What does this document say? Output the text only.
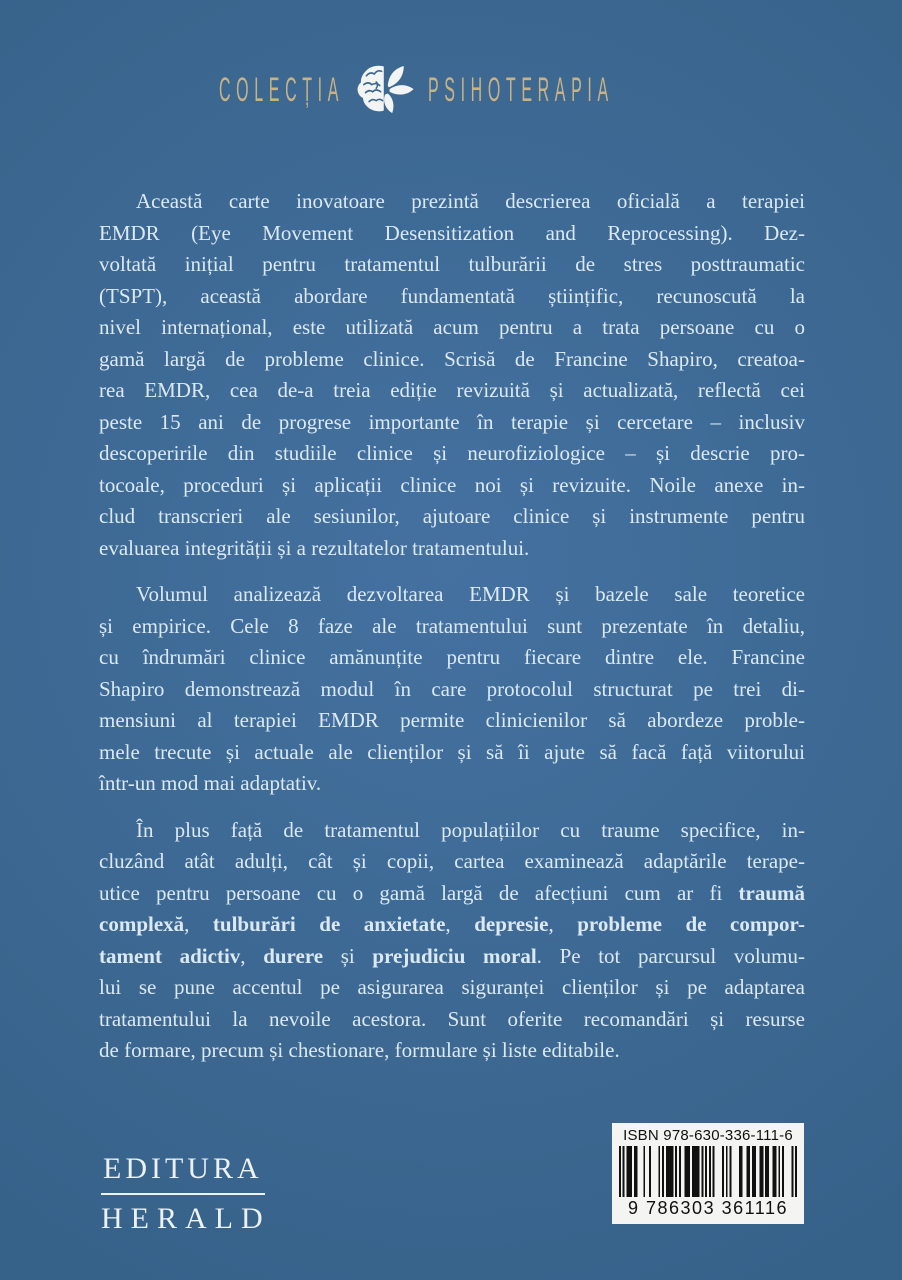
COLECȚIA PSIHOTERAPIA
Această carte inovatoare prezintă descrierea oficială a terapiei
EMDR (Eye Movement Desensitization and Reprocessing). Dez-
voltată inițial pentru tratamentul tulburării de stres posttraumatic
(TSPT), această abordare fundamentată științific, recunoscută la
nivel internațional, este utilizată acum pentru a trata persoane cu o
gamă largă de probleme clinice. Scrisă de Francine Shapiro, creatoa-
rea EMDR, cea de-a treia ediție revizuită și actualizată, reflectă cei
peste 15 ani de progrese importante în terapie și cercetare – inclusiv
descoperirile din studiile clinice și neurofiziologice – și descrie pro-
tocoale, proceduri și aplicații clinice noi și revizuite. Noile anexe in-
clud transcrieri ale sesiunilor, ajutoare clinice și instrumente pentru
evaluarea integrității și a rezultatelor tratamentului.
Volumul analizează dezvoltarea EMDR și bazele sale teoretice
și empirice. Cele 8 faze ale tratamentului sunt prezentate în detaliu,
cu îndrumări clinice amănunțite pentru fiecare dintre ele. Francine
Shapiro demonstrează modul în care protocolul structurat pe trei di-
mensiuni al terapiei EMDR permite clinicienilor să abordeze proble-
mele trecute și actuale ale clienților și să îi ajute să facă față viitorului
într-un mod mai adaptativ.
În plus față de tratamentul populațiilor cu traume specifice, in-
cluzând atât adulți, cât și copii, cartea examinează adaptările terape-
utice pentru persoane cu o gamă largă de afecțiuni cum ar fi traumă
complexă, tulburări de anxietate, depresie, probleme de compor-
tament adictiv, durere și prejudiciu moral. Pe tot parcursul volumu-
lui se pune accentul pe asigurarea siguranței clienților și pe adaptarea
tratamentului la nevoile acestora. Sunt oferite recomandări și resurse
de formare, precum și chestionare, formulare și liste editabile.
EDITURA
HERALD
ISBN 978-630-336-111-6
9 786303 361116
